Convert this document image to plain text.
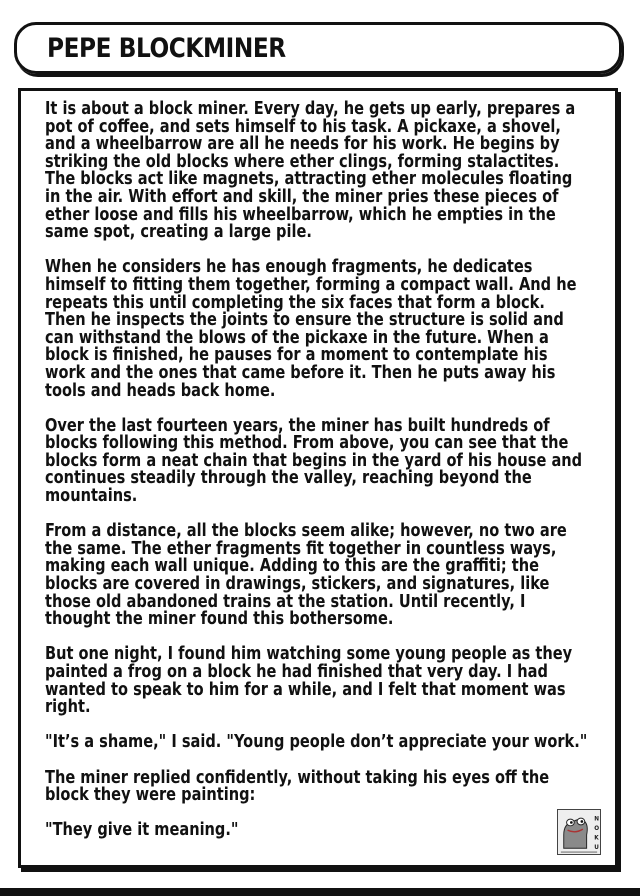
PEPE BLOCKMINER

It is about a block miner. Every day, he gets up early, prepares a pot of coffee, and sets himself to his task. A pickaxe, a shovel, and a wheelbarrow are all he needs for his work. He begins by striking the old blocks where ether clings, forming stalactites. The blocks act like magnets, attracting ether molecules floating in the air. With effort and skill, the miner pries these pieces of ether loose and fills his wheelbarrow, which he empties in the same spot, creating a large pile.

When he considers he has enough fragments, he dedicates himself to fitting them together, forming a compact wall. And he repeats this until completing the six faces that form a block. Then he inspects the joints to ensure the structure is solid and can withstand the blows of the pickaxe in the future. When a block is finished, he pauses for a moment to contemplate his work and the ones that came before it. Then he puts away his tools and heads back home.

Over the last fourteen years, the miner has built hundreds of blocks following this method. From above, you can see that the blocks form a neat chain that begins in the yard of his house and continues steadily through the valley, reaching beyond the mountains.

From a distance, all the blocks seem alike; however, no two are the same. The ether fragments fit together in countless ways, making each wall unique. Adding to this are the graffiti; the blocks are covered in drawings, stickers, and signatures, like those old abandoned trains at the station. Until recently, I thought the miner found this bothersome.

But one night, I found him watching some young people as they painted a frog on a block he had finished that very day. I had wanted to speak to him for a while, and I felt that moment was right.

"It’s a shame," I said. "Young people don’t appreciate your work."

The miner replied confidently, without taking his eyes off the block they were painting:

"They give it meaning."

N
O
K
U
